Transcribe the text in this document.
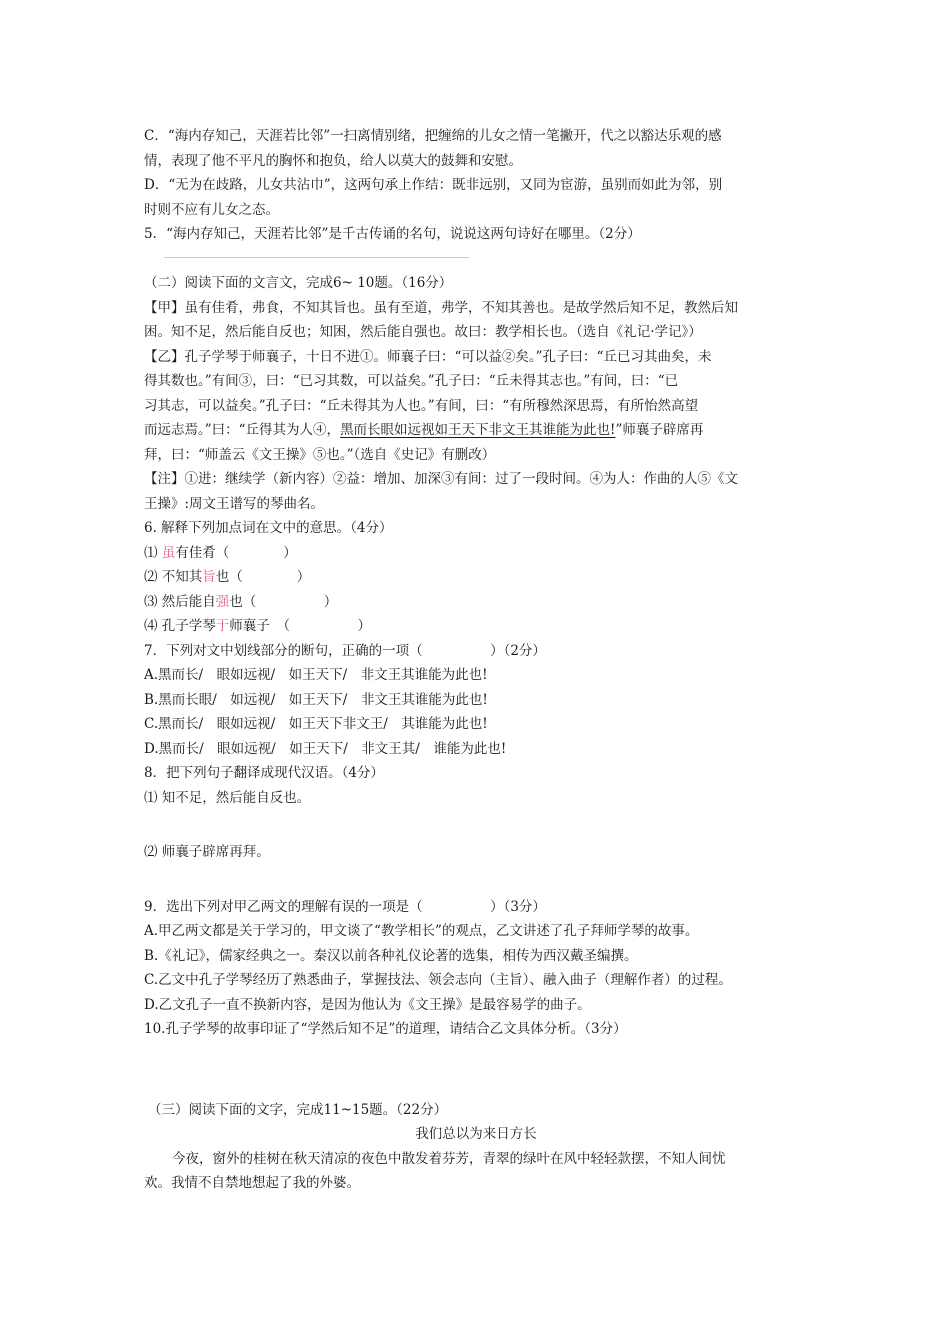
C．“海内存知己，天涯若比邻”一扫离情别绪，把缠绵的儿女之情一笔撇开，代之以豁达乐观的感
情，表现了他不平凡的胸怀和抱负，给人以莫大的鼓舞和安慰。
D．“无为在歧路，儿女共沾巾”，这两句承上作结：既非远别，又同为宦游，虽别而如此为邻，别
时则不应有儿女之态。
5．“海内存知己，天涯若比邻”是千古传诵的名句，说说这两句诗好在哪里。（2分）
（二）阅读下面的文言文，完成6~ 10题。（16分）
【甲】虽有佳肴，弗食，不知其旨也。虽有至道，弗学，不知其善也。是故学然后知不足，教然后知
困。知不足，然后能自反也；知困，然后能自强也。故曰：教学相长也。（选自《礼记·学记》）
【乙】孔子学琴于师襄子，十日不进①。师襄子曰：“可以益②矣。”孔子曰：“丘已习其曲矣，未
得其数也。”有间③，曰：“已习其数，可以益矣。”孔子曰：“丘未得其志也。”有间，曰：“已
习其志，可以益矣。”孔子曰：“丘未得其为人也。”有间，曰：“有所穆然深思焉，有所怡然高望
而远志焉。”曰：“丘得其为人④，黑而长眼如远视如王天下非文王其谁能为此也!”师襄子辟席再
拜，曰：“师盖云《文王操》⑤也。”（选自《史记》有删改）
【注】①进：继续学（新内容）②益：增加、加深③有间：过了一段时间。④为人：作曲的人⑤《文
王操》:周文王谱写的琴曲名。
6. 解释下列加点词在文中的意思。（4分）
⑴ 虽有佳肴（　　　　）
⑵ 不知其旨也（　　　　）
⑶ 然后能自强也（　　　　　）
⑷ 孔子学琴于师襄子　（　　　　　）
7．下列对文中划线部分的断句，正确的一项（　　　　　）（2分）
A.黑而长/　眼如远视/　如王天下/　非文王其谁能为此也!
B.黑而长眼/　如远视/　如王天下/　非文王其谁能为此也!
C.黑而长/　眼如远视/　如王天下非文王/　其谁能为此也!
D.黑而长/　眼如远视/　如王天下/　非文王其/　谁能为此也!
8．把下列句子翻译成现代汉语。（4分）
⑴ 知不足，然后能自反也。
⑵ 师襄子辟席再拜。
9．选出下列对甲乙两文的理解有误的一项是（　　　　　）（3分）
A.甲乙两文都是关于学习的，甲文谈了“教学相长”的观点，乙文讲述了孔子拜师学琴的故事。
B.《礼记》，儒家经典之一。秦汉以前各种礼仪论著的选集，相传为西汉戴圣编撰。
C.乙文中孔子学琴经历了熟悉曲子，掌握技法、领会志向（主旨）、融入曲子（理解作者）的过程。
D.乙文孔子一直不换新内容，是因为他认为《文王操》是最容易学的曲子。
10.孔子学琴的故事印证了“学然后知不足”的道理，请结合乙文具体分析。（3分）
（三）阅读下面的文字，完成11~15题。（22分）
我们总以为来日方长
今夜，窗外的桂树在秋天清凉的夜色中散发着芬芳，青翠的绿叶在风中轻轻款摆，不知人间忧
欢。我情不自禁地想起了我的外婆。
